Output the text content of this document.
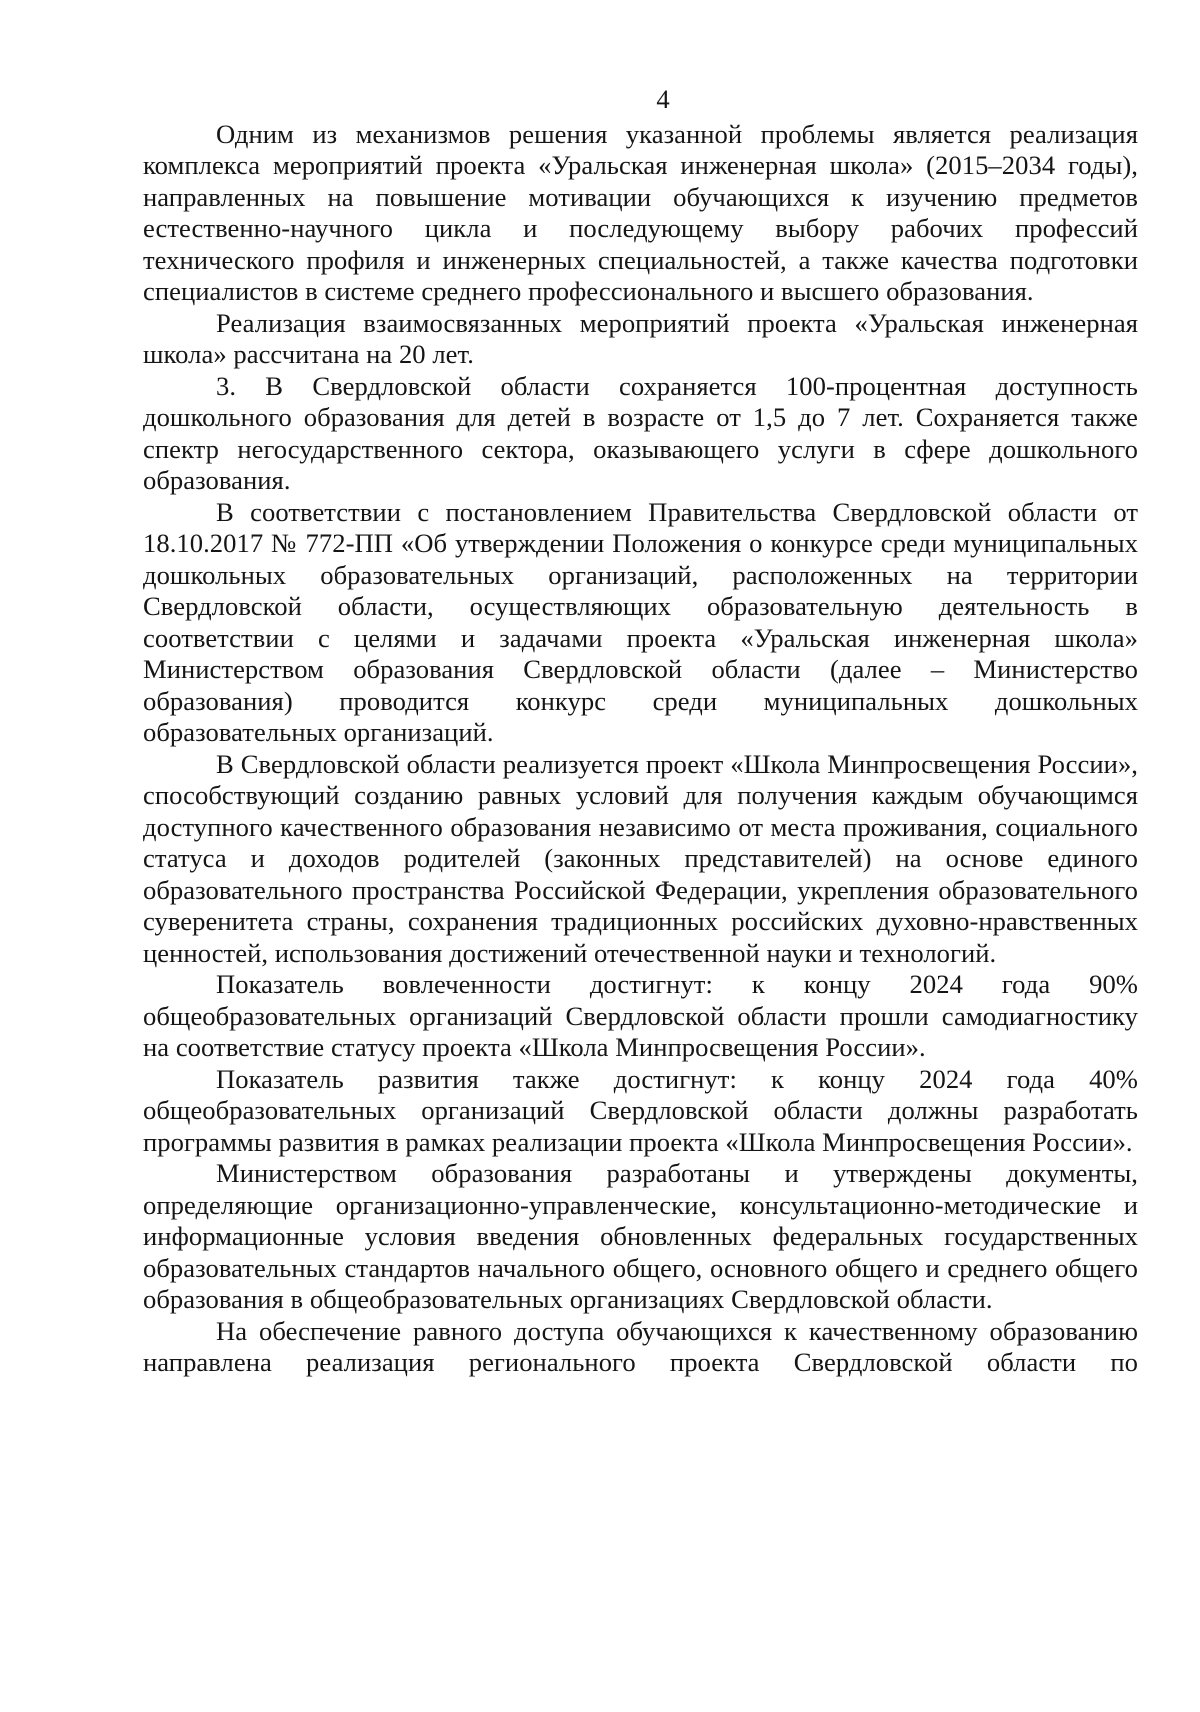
4

Одним из механизмов решения указанной проблемы является реализация комплекса мероприятий проекта «Уральская инженерная школа» (2015–2034 годы), направленных на повышение мотивации обучающихся к изучению предметов естественно-научного цикла и последующему выбору рабочих профессий технического профиля и инженерных специальностей, а также качества подготовки специалистов в системе среднего профессионального и высшего образования.

Реализация взаимосвязанных мероприятий проекта «Уральская инженерная школа» рассчитана на 20 лет.

3. В Свердловской области сохраняется 100-процентная доступность дошкольного образования для детей в возрасте от 1,5 до 7 лет. Сохраняется также спектр негосударственного сектора, оказывающего услуги в сфере дошкольного образования.

В соответствии с постановлением Правительства Свердловской области от 18.10.2017 № 772-ПП «Об утверждении Положения о конкурсе среди муниципальных дошкольных образовательных организаций, расположенных на территории Свердловской области, осуществляющих образовательную деятельность в соответствии с целями и задачами проекта «Уральская инженерная школа» Министерством образования Свердловской области (далее – Министерство образования) проводится конкурс среди муниципальных дошкольных образовательных организаций.

В Свердловской области реализуется проект «Школа Минпросвещения России», способствующий созданию равных условий для получения каждым обучающимся доступного качественного образования независимо от места проживания, социального статуса и доходов родителей (законных представителей) на основе единого образовательного пространства Российской Федерации, укрепления образовательного суверенитета страны, сохранения традиционных российских духовно-нравственных ценностей, использования достижений отечественной науки и технологий.

Показатель вовлеченности достигнут: к концу 2024 года 90% общеобразовательных организаций Свердловской области прошли самодиагностику на соответствие статусу проекта «Школа Минпросвещения России».

Показатель развития также достигнут: к концу 2024 года 40% общеобразовательных организаций Свердловской области должны разработать программы развития в рамках реализации проекта «Школа Минпросвещения России».

Министерством образования разработаны и утверждены документы, определяющие организационно-управленческие, консультационно-методические и информационные условия введения обновленных федеральных государственных образовательных стандартов начального общего, основного общего и среднего общего образования в общеобразовательных организациях Свердловской области.

На обеспечение равного доступа обучающихся к качественному образованию направлена реализация регионального проекта Свердловской области по
